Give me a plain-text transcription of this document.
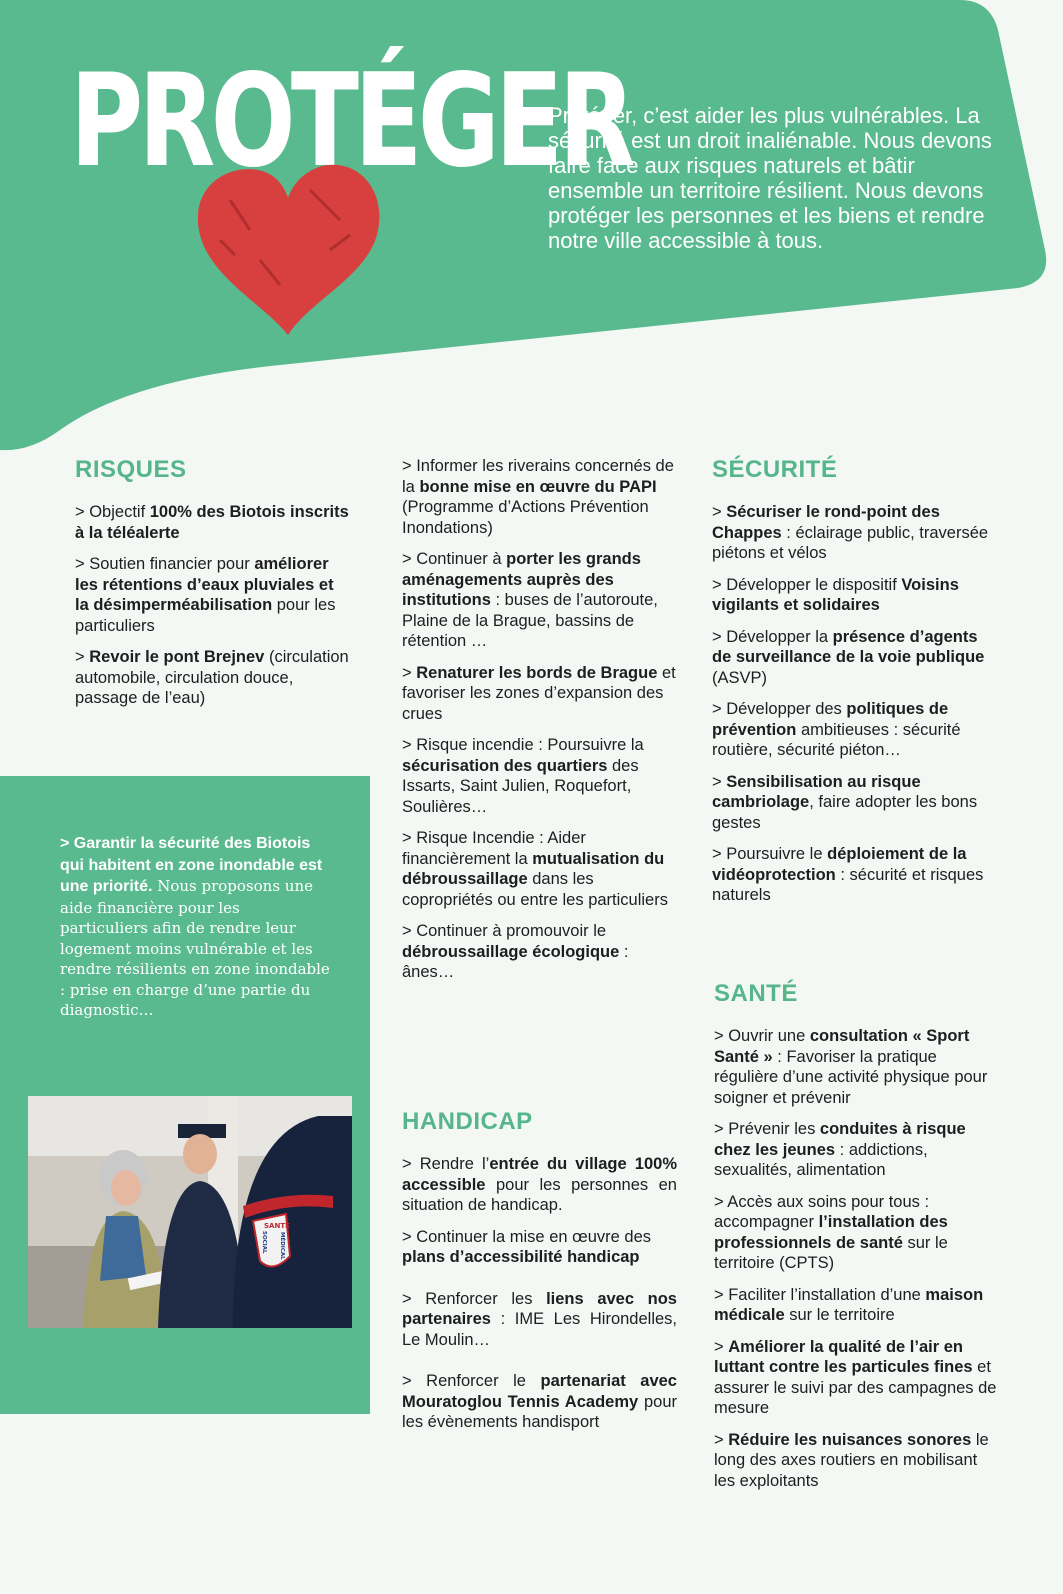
PROTÉGER

Protéger, c’est aider les plus vulnérables. La sécurité est un droit inaliénable. Nous devons faire face aux risques naturels et bâtir ensemble un territoire résilient. Nous devons protéger les personnes et les biens et rendre notre ville accessible à tous.

RISQUES

> Objectif 100% des Biotois inscrits à la téléalerte

> Soutien financier pour améliorer les rétentions d’eaux pluviales et la désimperméabilisation pour les particuliers

> Revoir le pont Brejnev (circulation automobile, circulation douce, passage de l’eau)

> Garantir la sécurité des Biotois qui habitent en zone inondable est une priorité. Nous proposons une aide financière pour les particuliers afin de rendre leur logement moins vulnérable et les rendre résilients en zone inondable : prise en charge d’une partie du diagnostic…

SANTÉ
MÉDICAL
SOCIAL

> Informer les riverains concernés de la bonne mise en œuvre du PAPI (Programme d’Actions Prévention Inondations)

> Continuer à porter les grands aménagements auprès des institutions : buses de l’autoroute, Plaine de la Brague, bassins de rétention …

> Renaturer les bords de Brague et favoriser les zones d’expansion des crues

> Risque incendie : Poursuivre la sécurisation des quartiers des Issarts, Saint Julien, Roquefort, Soulières…

> Risque Incendie : Aider financièrement la mutualisation du débroussaillage dans les copropriétés ou entre les particuliers

> Continuer à promouvoir le débroussaillage écologique : ânes…

HANDICAP

> Rendre l’entrée du village 100% accessible pour les personnes en situation de handicap.

> Continuer la mise en œuvre des plans d’accessibilité handicap

> Renforcer les liens avec nos partenaires : IME Les Hirondelles, Le Moulin…

> Renforcer le partenariat avec Mouratoglou Tennis Academy pour les évènements handisport

SÉCURITÉ

> Sécuriser le rond-point des Chappes : éclairage public, traversée piétons et vélos

> Développer le dispositif Voisins vigilants et solidaires

> Développer la présence d’agents de surveillance de la voie publique (ASVP)

> Développer des politiques de prévention ambitieuses : sécurité routière, sécurité piéton…

> Sensibilisation au risque cambriolage, faire adopter les bons gestes

> Poursuivre le déploiement de la vidéoprotection : sécurité et risques naturels

SANTÉ

> Ouvrir une consultation « Sport Santé » : Favoriser la pratique régulière d’une activité physique pour soigner et prévenir

> Prévenir les conduites à risque chez les jeunes : addictions, sexualités, alimentation

> Accès aux soins pour tous : accompagner l’installation des professionnels de santé sur le territoire (CPTS)

> Faciliter l’installation d’une maison médicale sur le territoire

> Améliorer la qualité de l’air en luttant contre les particules fines et assurer le suivi par des campagnes de mesure

> Réduire les nuisances sonores le long des axes routiers en mobilisant les exploitants
